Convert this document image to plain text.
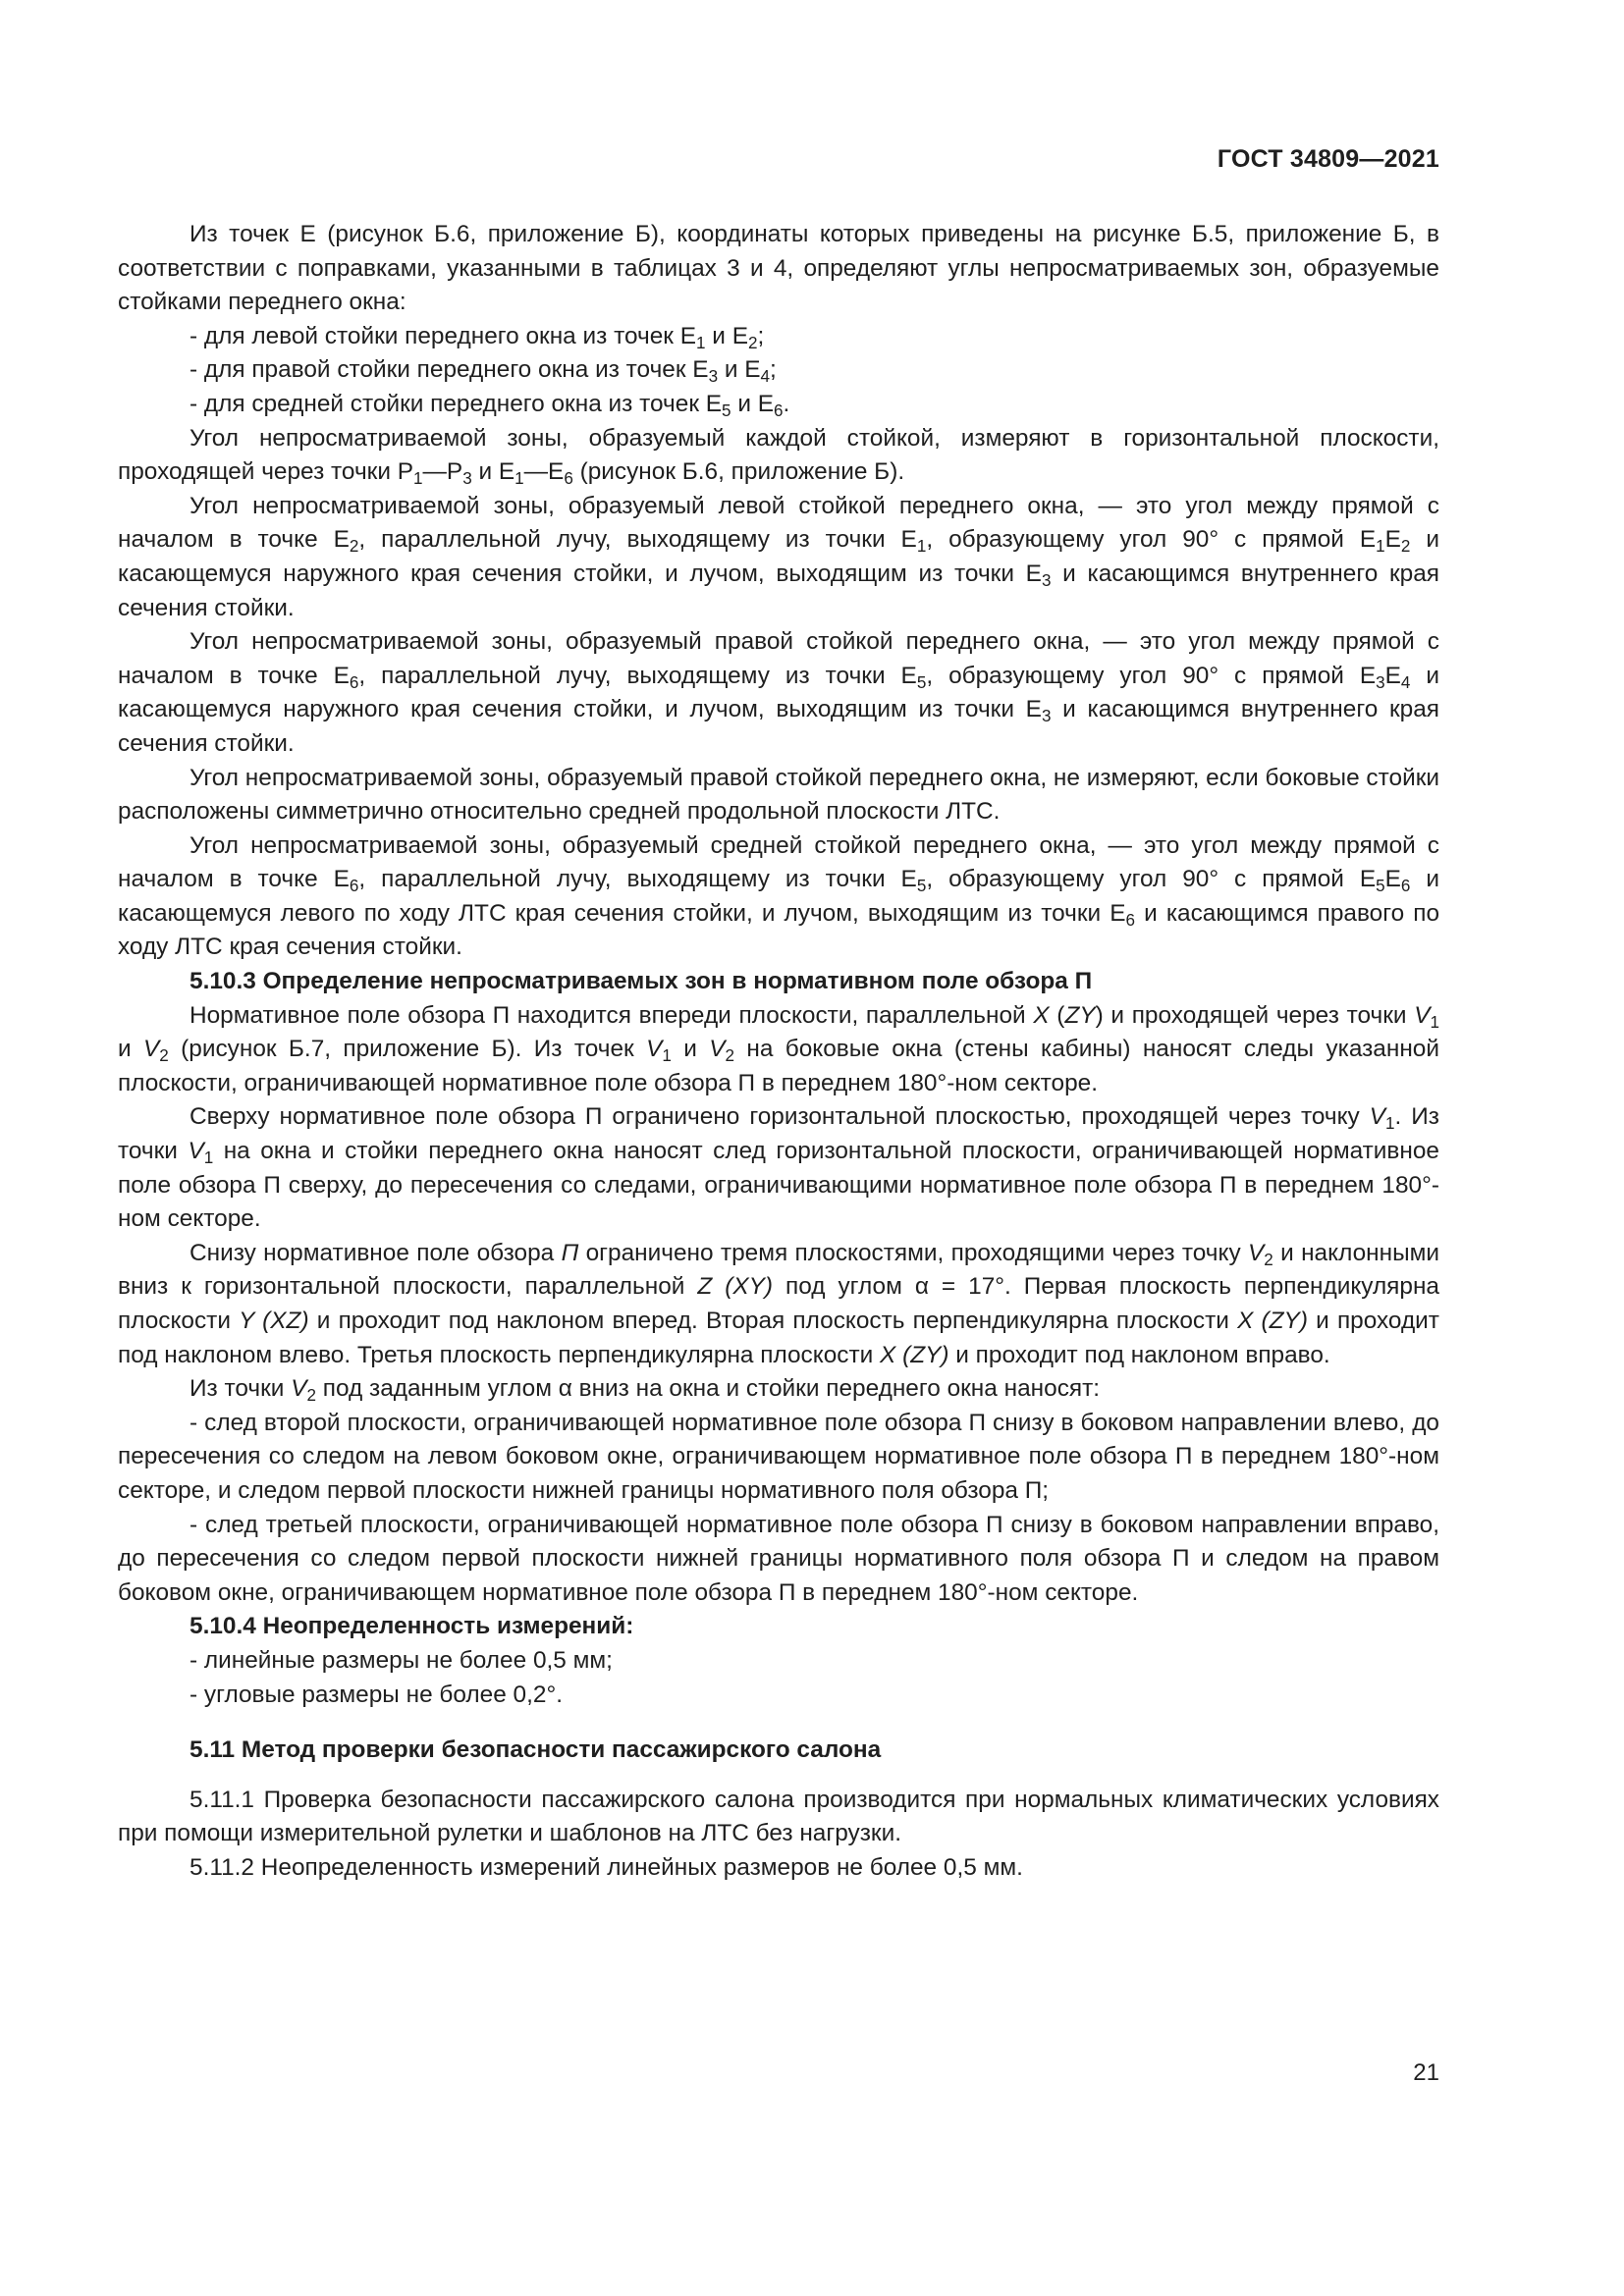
ГОСТ 34809—2021

Из точек Е (рисунок Б.6, приложение Б), координаты которых приведены на рисунке Б.5, приложение Б, в соответствии с поправками, указанными в таблицах 3 и 4, определяют углы непросматриваемых зон, образуемые стойками переднего окна:

- для левой стойки переднего окна из точек $Е_1$ и $Е_2$;

- для правой стойки переднего окна из точек $Е_3$ и $Е_4$;

- для средней стойки переднего окна из точек $Е_5$ и $Е_6$.

Угол непросматриваемой зоны, образуемый каждой стойкой, измеряют в горизонтальной плоскости, проходящей через точки $Р_1—Р_3$ и $Е_1—Е_6$ (рисунок Б.6, приложение Б).

Угол непросматриваемой зоны, образуемый левой стойкой переднего окна, — это угол между прямой с началом в точке $Е_2$, параллельной лучу, выходящему из точки $Е_1$, образующему угол 90° с прямой $Е_1Е_2$ и касающемуся наружного края сечения стойки, и лучом, выходящим из точки $Е_3$ и касающимся внутреннего края сечения стойки.

Угол непросматриваемой зоны, образуемый правой стойкой переднего окна, — это угол между прямой с началом в точке $Е_6$, параллельной лучу, выходящему из точки $Е_5$, образующему угол 90° с прямой $Е_3Е_4$ и касающемуся наружного края сечения стойки, и лучом, выходящим из точки $Е_3$ и касающимся внутреннего края сечения стойки.

Угол непросматриваемой зоны, образуемый правой стойкой переднего окна, не измеряют, если боковые стойки расположены симметрично относительно средней продольной плоскости ЛТС.

Угол непросматриваемой зоны, образуемый средней стойкой переднего окна, — это угол между прямой с началом в точке $Е_6$, параллельной лучу, выходящему из точки $Е_5$, образующему угол 90° с прямой $Е_5Е_6$ и касающемуся левого по ходу ЛТС края сечения стойки, и лучом, выходящим из точки $Е_6$ и касающимся правого по ходу ЛТС края сечения стойки.

5.10.3 Определение непросматриваемых зон в нормативном поле обзора П

Нормативное поле обзора П находится впереди плоскости, параллельной X (ZY) и проходящей через точки $V_1$ и $V_2$ (рисунок Б.7, приложение Б). Из точек $V_1$ и $V_2$ на боковые окна (стены кабины) наносят следы указанной плоскости, ограничивающей нормативное поле обзора П в переднем 180°-ном секторе.

Сверху нормативное поле обзора П ограничено горизонтальной плоскостью, проходящей через точку $V_1$. Из точки $V_1$ на окна и стойки переднего окна наносят след горизонтальной плоскости, ограничивающей нормативное поле обзора П сверху, до пересечения со следами, ограничивающими нормативное поле обзора П в переднем 180°-ном секторе.

Снизу нормативное поле обзора П ограничено тремя плоскостями, проходящими через точку $V_2$ и наклонными вниз к горизонтальной плоскости, параллельной Z (XY) под углом α = 17°. Первая плоскость перпендикулярна плоскости Y (XZ) и проходит под наклоном вперед. Вторая плоскость перпендикулярна плоскости X (ZY) и проходит под наклоном влево. Третья плоскость перпендикулярна плоскости X (ZY) и проходит под наклоном вправо.

Из точки $V_2$ под заданным углом α вниз на окна и стойки переднего окна наносят:

- след второй плоскости, ограничивающей нормативное поле обзора П снизу в боковом направлении влево, до пересечения со следом на левом боковом окне, ограничивающем нормативное поле обзора П в переднем 180°-ном секторе, и следом первой плоскости нижней границы нормативного поля обзора П;

- след третьей плоскости, ограничивающей нормативное поле обзора П снизу в боковом направлении вправо, до пересечения со следом первой плоскости нижней границы нормативного поля обзора П и следом на правом боковом окне, ограничивающем нормативное поле обзора П в переднем 180°-ном секторе.

5.10.4 Неопределенность измерений:

- линейные размеры не более 0,5 мм;

- угловые размеры не более 0,2°.

5.11 Метод проверки безопасности пассажирского салона

5.11.1 Проверка безопасности пассажирского салона производится при нормальных климатических условиях при помощи измерительной рулетки и шаблонов на ЛТС без нагрузки.

5.11.2 Неопределенность измерений линейных размеров не более 0,5 мм.

21
